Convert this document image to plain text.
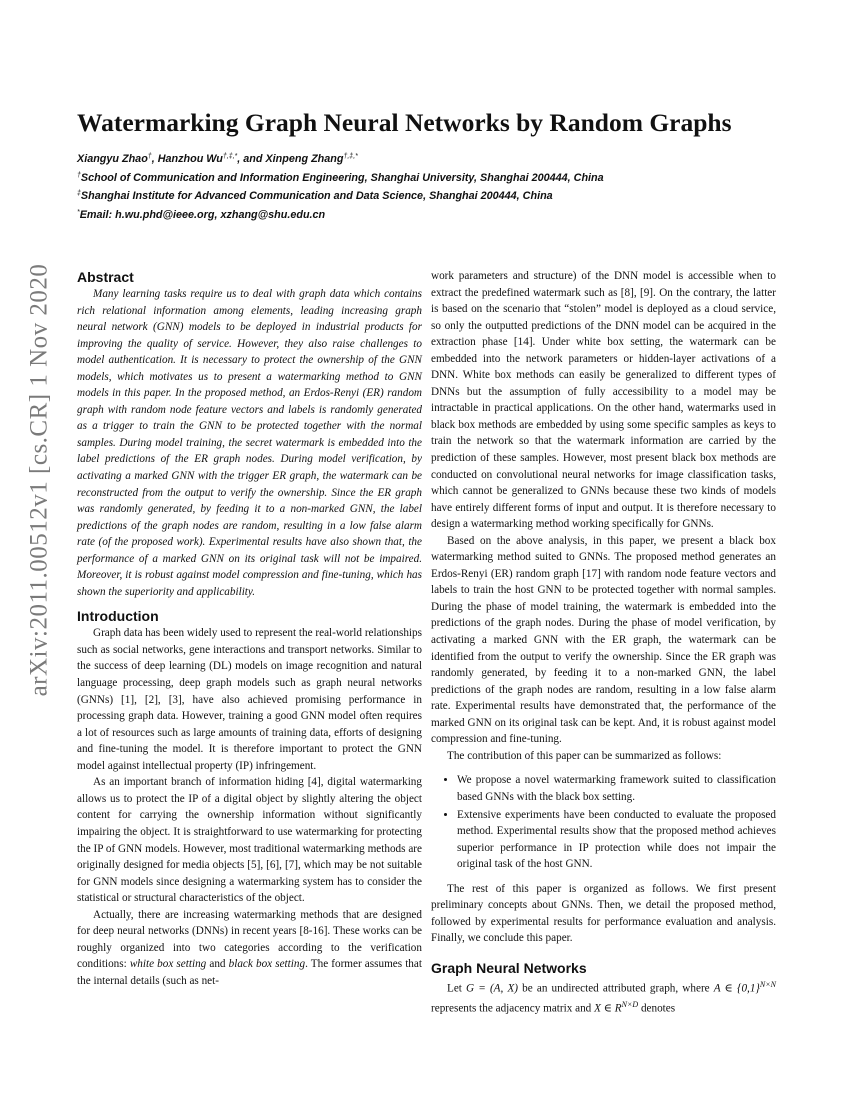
arXiv:2011.00512v1 [cs.CR] 1 Nov 2020
Watermarking Graph Neural Networks by Random Graphs
Xiangyu Zhao†, Hanzhou Wu†,‡,*, and Xinpeng Zhang†,‡,*
†School of Communication and Information Engineering, Shanghai University, Shanghai 200444, China
‡Shanghai Institute for Advanced Communication and Data Science, Shanghai 200444, China
*Email: h.wu.phd@ieee.org, xzhang@shu.edu.cn
Abstract

Many learning tasks require us to deal with graph data which contains rich relational information among elements, leading increasing graph neural network (GNN) models to be deployed in industrial products for improving the quality of service. However, they also raise challenges to model authentication. It is necessary to protect the ownership of the GNN models, which motivates us to present a watermarking method to GNN models in this paper. In the proposed method, an Erdos-Renyi (ER) random graph with random node feature vectors and labels is randomly generated as a trigger to train the GNN to be protected together with the normal samples. During model training, the secret watermark is embedded into the label predictions of the ER graph nodes. During model verification, by activating a marked GNN with the trigger ER graph, the watermark can be reconstructed from the output to verify the ownership. Since the ER graph was randomly generated, by feeding it to a non-marked GNN, the label predictions of the graph nodes are random, resulting in a low false alarm rate (of the proposed work). Experimental results have also shown that, the performance of a marked GNN on its original task will not be impaired. Moreover, it is robust against model compression and fine-tuning, which has shown the superiority and applicability.

Introduction

Graph data has been widely used to represent the real-world relationships such as social networks, gene interactions and transport networks. Similar to the success of deep learning (DL) models on image recognition and natural language processing, deep graph models such as graph neural networks (GNNs) [1], [2], [3], have also achieved promising performance in processing graph data. However, training a good GNN model often requires a lot of resources such as large amounts of training data, efforts of designing and fine-tuning the model. It is therefore important to protect the GNN model against intellectual property (IP) infringement.

As an important branch of information hiding [4], digital watermarking allows us to protect the IP of a digital object by slightly altering the object content for carrying the ownership information without significantly impairing the object. It is straightforward to use watermarking for protecting the IP of GNN models. However, most traditional watermarking methods are originally designed for media objects [5], [6], [7], which may be not suitable for GNN models since designing a watermarking system has to consider the statistical or structural characteristics of the object.

Actually, there are increasing watermarking methods that are designed for deep neural networks (DNNs) in recent years [8-16]. These works can be roughly organized into two categories according to the verification conditions: white box setting and black box setting. The former assumes that the internal details (such as net-

work parameters and structure) of the DNN model is accessible when to extract the predefined watermark such as [8], [9]. On the contrary, the latter is based on the scenario that “stolen” model is deployed as a cloud service, so only the outputted predictions of the DNN model can be acquired in the extraction phase [14]. Under white box setting, the watermark can be embedded into the network parameters or hidden-layer activations of a DNN. White box methods can easily be generalized to different types of DNNs but the assumption of fully accessibility to a model may be intractable in practical applications. On the other hand, watermarks used in black box methods are embedded by using some specific samples as keys to train the network so that the watermark information are carried by the prediction of these samples. However, most present black box methods are conducted on convolutional neural networks for image classification tasks, which cannot be generalized to GNNs because these two kinds of models have entirely different forms of input and output. It is therefore necessary to design a watermarking method working specifically for GNNs.

Based on the above analysis, in this paper, we present a black box watermarking method suited to GNNs. The proposed method generates an Erdos-Renyi (ER) random graph [17] with random node feature vectors and labels to train the host GNN to be protected together with normal samples. During the phase of model training, the watermark is embedded into the predictions of the graph nodes. During the phase of model verification, by activating a marked GNN with the ER graph, the watermark can be identified from the output to verify the ownership. Since the ER graph was randomly generated, by feeding it to a non-marked GNN, the label predictions of the graph nodes are random, resulting in a low false alarm rate. Experimental results have demonstrated that, the performance of the marked GNN on its original task can be kept. And, it is robust against model compression and fine-tuning.

The contribution of this paper can be summarized as follows:

• We propose a novel watermarking framework suited to classification based GNNs with the black box setting.
• Extensive experiments have been conducted to evaluate the proposed method. Experimental results show that the proposed method achieves superior performance in IP protection while does not impair the original task of the host GNN.

The rest of this paper is organized as follows. We first present preliminary concepts about GNNs. Then, we detail the proposed method, followed by experimental results for performance evaluation and analysis. Finally, we conclude this paper.

Graph Neural Networks

Let G = (A, X) be an undirected attributed graph, where A ∈ $\{0,1\}^{N\times N}$ represents the adjacency matrix and X ∈ $R^{N\times D}$ denotes
